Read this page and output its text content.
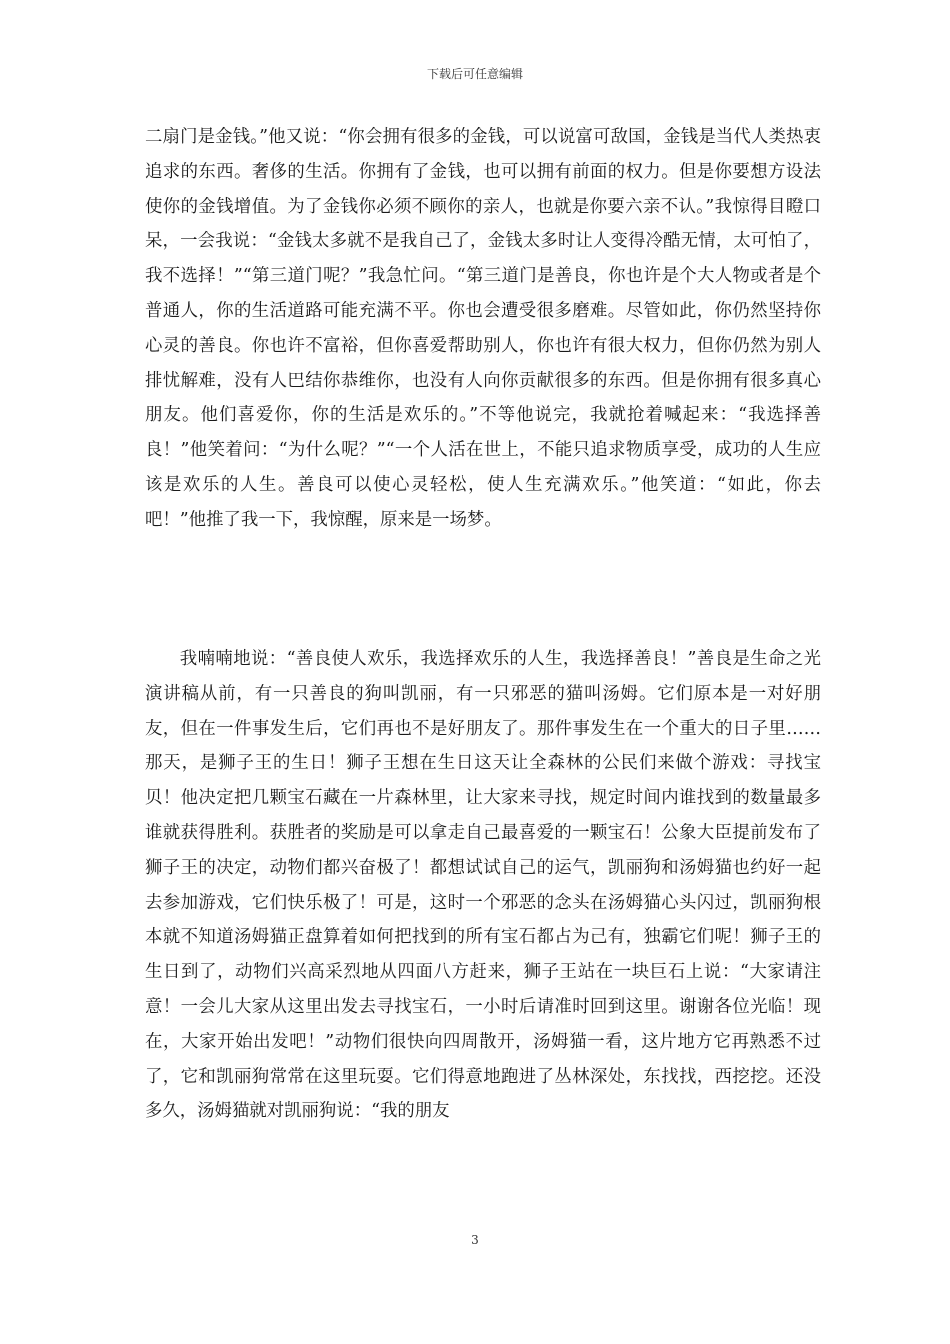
下载后可任意编辑

二扇门是金钱。”他又说：“你会拥有很多的金钱，可以说富可敌国，金钱是当代人类热衷追求的东西。奢侈的生活。你拥有了金钱，也可以拥有前面的权力。但是你要想方设法使你的金钱增值。为了金钱你必须不顾你的亲人，也就是你要六亲不认。”我惊得目瞪口呆，一会我说：“金钱太多就不是我自己了，金钱太多时让人变得冷酷无情，太可怕了，我不选择！”“第三道门呢？”我急忙问。“第三道门是善良，你也许是个大人物或者是个普通人，你的生活道路可能充满不平。你也会遭受很多磨难。尽管如此，你仍然坚持你心灵的善良。你也许不富裕，但你喜爱帮助别人，你也许有很大权力，但你仍然为别人排忧解难，没有人巴结你恭维你，也没有人向你贡献很多的东西。但是你拥有很多真心朋友。他们喜爱你，你的生活是欢乐的。”不等他说完，我就抢着喊起来：“我选择善良！”他笑着问：“为什么呢？”“一个人活在世上，不能只追求物质享受，成功的人生应该是欢乐的人生。善良可以使心灵轻松，使人生充满欢乐。”他笑道：“如此，你去吧！”他推了我一下，我惊醒，原来是一场梦。

我喃喃地说：“善良使人欢乐，我选择欢乐的人生，我选择善良！”善良是生命之光演讲稿从前，有一只善良的狗叫凯丽，有一只邪恶的猫叫汤姆。它们原本是一对好朋友，但在一件事发生后，它们再也不是好朋友了。那件事发生在一个重大的日子里……那天，是狮子王的生日！狮子王想在生日这天让全森林的公民们来做个游戏：寻找宝贝！他决定把几颗宝石藏在一片森林里，让大家来寻找，规定时间内谁找到的数量最多谁就获得胜利。获胜者的奖励是可以拿走自己最喜爱的一颗宝石！公象大臣提前发布了狮子王的决定，动物们都兴奋极了！都想试试自己的运气，凯丽狗和汤姆猫也约好一起去参加游戏，它们快乐极了！可是，这时一个邪恶的念头在汤姆猫心头闪过，凯丽狗根本就不知道汤姆猫正盘算着如何把找到的所有宝石都占为己有，独霸它们呢！狮子王的生日到了，动物们兴高采烈地从四面八方赶来，狮子王站在一块巨石上说：“大家请注意！一会儿大家从这里出发去寻找宝石，一小时后请准时回到这里。谢谢各位光临！现在，大家开始出发吧！”动物们很快向四周散开，汤姆猫一看，这片地方它再熟悉不过了，它和凯丽狗常常在这里玩耍。它们得意地跑进了丛林深处，东找找，西挖挖。还没多久，汤姆猫就对凯丽狗说：“我的朋友

3
